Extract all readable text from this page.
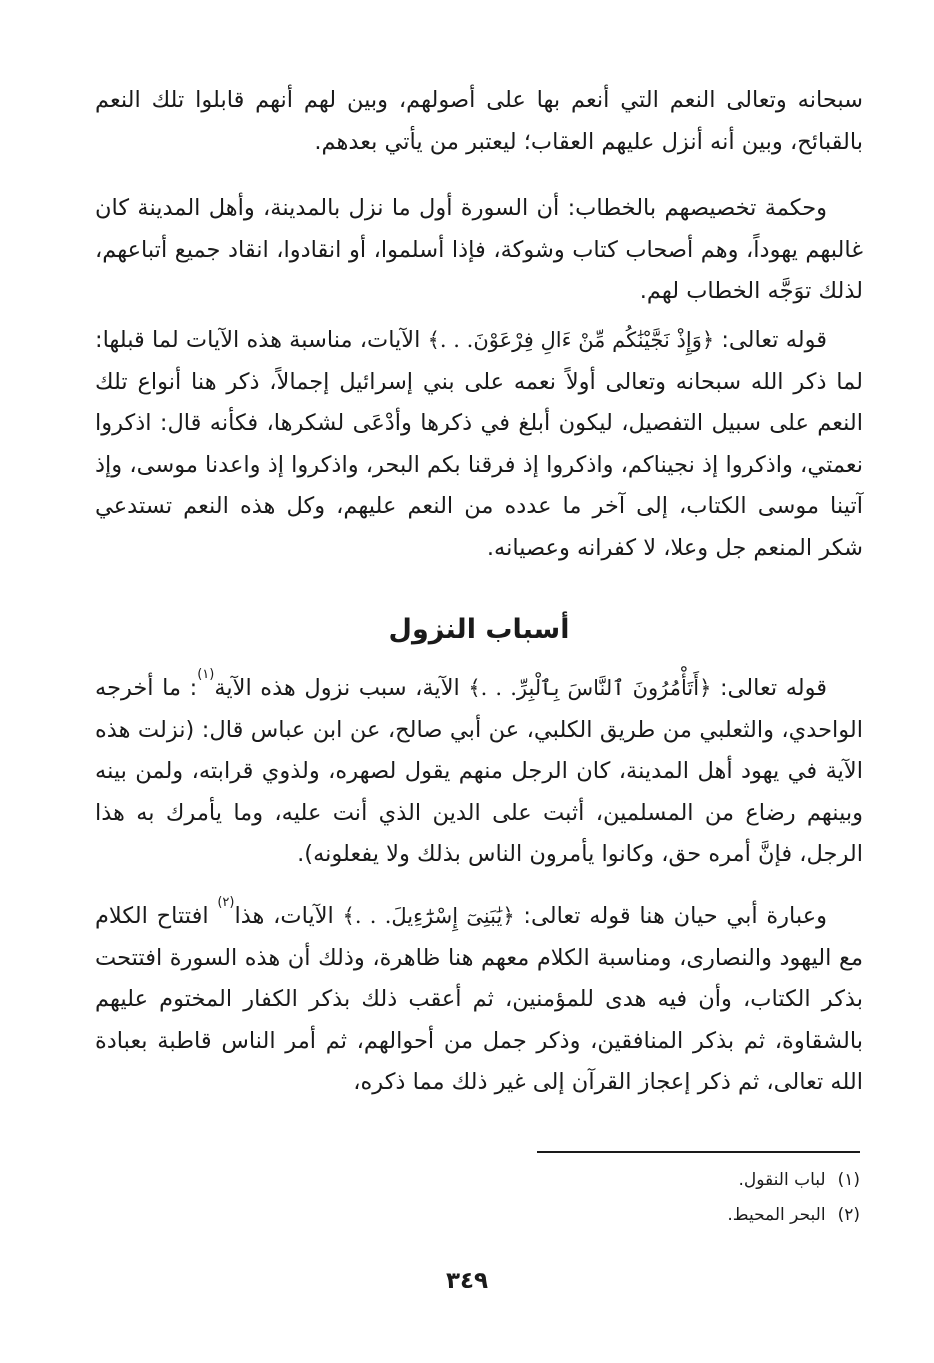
سبحانه وتعالى النعم التي أنعم بها على أصولهم، وبين لهم أنهم قابلوا تلك النعم بالقبائح، وبين أنه أنزل عليهم العقاب؛ ليعتبر من يأتي بعدهم.

وحكمة تخصيصهم بالخطاب: أن السورة أول ما نزل بالمدينة، وأهل المدينة كان غالبهم يهوداً، وهم أصحاب كتاب وشوكة، فإذا أسلموا، أو انقادوا، انقاد جميع أتباعهم، لذلك توَجَّه الخطاب لهم.

قوله تعالى: ﴿وَإِذْ نَجَّيْنَٰكُم مِّنْ ءَالِ فِرْعَوْنَ. . .﴾ الآيات، مناسبة هذه الآيات لما قبلها: لما ذكر الله سبحانه وتعالى أولاً نعمه على بني إسرائيل إجمالاً، ذكر هنا أنواع تلك النعم على سبيل التفصيل، ليكون أبلغ في ذكرها وأدْعَى لشكرها، فكأنه قال: اذكروا نعمتي، واذكروا إذ نجيناكم، واذكروا إذ فرقنا بكم البحر، واذكروا إذ واعدنا موسى، وإذ آتينا موسى الكتاب، إلى آخر ما عدده من النعم عليهم، وكل هذه النعم تستدعي شكر المنعم جل وعلا، لا كفرانه وعصيانه.

أسباب النزول

قوله تعالى: ﴿أَتَأْمُرُونَ ٱلنَّاسَ بِٱلْبِرِّ. . .﴾ الآية، سبب نزول هذه الآية$^{(١)}$: ما أخرجه الواحدي، والثعلبي من طريق الكلبي، عن أبي صالح، عن ابن عباس قال: (نزلت هذه الآية في يهود أهل المدينة، كان الرجل منهم يقول لصهره، ولذوي قرابته، ولمن بينه وبينهم رضاع من المسلمين، أثبت على الدين الذي أنت عليه، وما يأمرك به هذا الرجل، فإنَّ أمره حق، وكانوا يأمرون الناس بذلك ولا يفعلونه).

وعبارة أبي حيان هنا قوله تعالى: ﴿يَٰبَنِىٓ إِسْرَٰٓءِيلَ. . .﴾ الآيات، هذا$^{(٢)}$ افتتاح الكلام مع اليهود والنصارى، ومناسبة الكلام معهم هنا ظاهرة، وذلك أن هذه السورة افتتحت بذكر الكتاب، وأن فيه هدى للمؤمنين، ثم أعقب ذلك بذكر الكفار المختوم عليهم بالشقاوة، ثم بذكر المنافقين، وذكر جمل من أحوالهم، ثم أمر الناس قاطبة بعبادة الله تعالى، ثم ذكر إعجاز القرآن إلى غير ذلك مما ذكره،

(١)لباب النقول.
(٢)البحر المحيط.
٣٤٩
